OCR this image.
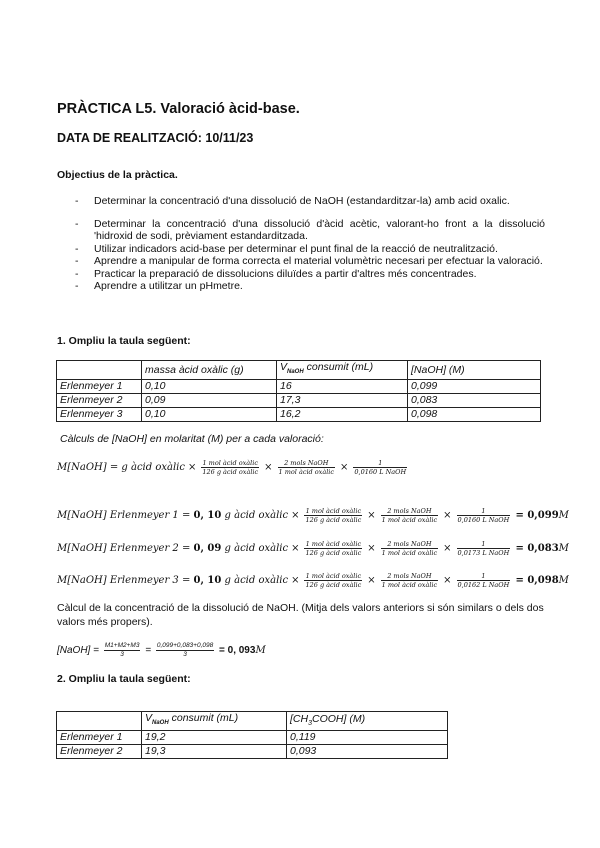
PRÀCTICA L5. Valoració àcid-base.
DATA DE REALITZACIÓ: 10/11/23
Objectius de la pràctica.
- Determinar la concentració d'una dissolució de NaOH (estandarditzar-la) amb acid oxalic.
- Determinar la concentració d'una dissolució d'àcid acètic, valorant-ho front a la dissolució 'hidroxid de sodi, prèviament estandarditzada.
- Utilizar indicadors acid-base per determinar el punt final de la reacció de neutralització.
- Aprendre a manipular de forma correcta el material volumètric necesari per efectuar la valoració.
- Practicar la preparació de dissolucions diluïdes a partir d'altres més concentrades.
- Aprendre a utilitzar un pHmetre.
1. Ompliu la taula següent:
	massa àcid oxàlic (g)	$V_{NaOH}$ consumit (mL)	[NaOH] (M)
Erlenmeyer 1	0,10	16	0,099
Erlenmeyer 2	0,09	17,3	0,083
Erlenmeyer 3	0,10	16,2	0,098
Càlculs de [NaOH] en molaritat (M) per a cada valoració:
M[NaOH] = g àcid oxàlic × $\frac{\text{1 mol àcid oxàlic}}{\text{126 g àcid oxàlic}} \times \frac{\text{2 mols NaOH}}{\text{1 mol àcid oxàlic}} \times \frac{1}{\text{0,0160 L NaOH}}$
M[NaOH] Erlenmeyer 1 = 0, 10 g àcid oxàlic × $\frac{\text{1 mol àcid oxàlic}}{\text{126 g àcid oxàlic}} \times \frac{\text{2 mols NaOH}}{\text{1 mol àcid oxàlic}} \times \frac{1}{\text{0,0160 L NaOH}} = 0,099M$
M[NaOH] Erlenmeyer 2 = 0, 09 g àcid oxàlic × $\frac{\text{1 mol àcid oxàlic}}{\text{126 g àcid oxàlic}} \times \frac{\text{2 mols NaOH}}{\text{1 mol àcid oxàlic}} \times \frac{1}{\text{0,0173 L NaOH}} = 0,083M$
M[NaOH] Erlenmeyer 3 = 0, 10 g àcid oxàlic × $\frac{\text{1 mol àcid oxàlic}}{\text{126 g àcid oxàlic}} \times \frac{\text{2 mols NaOH}}{\text{1 mol àcid oxàlic}} \times \frac{1}{\text{0,0162 L NaOH}} = 0,098M$
Càlcul de la concentració de la dissolució de NaOH. (Mitja dels valors anteriors si són similars o dels dos valors més propers).
[NaOH] = $\frac{M1+M2+M3}{3} = \frac{0,099+0,083+0,098}{3} = 0$, 093M
2. Ompliu la taula següent:
	$V_{NaOH}$ consumit (mL)	$[CH_3COOH]$ (M)
Erlenmeyer 1	19,2	0,119
Erlenmeyer 2	19,3	0,093
